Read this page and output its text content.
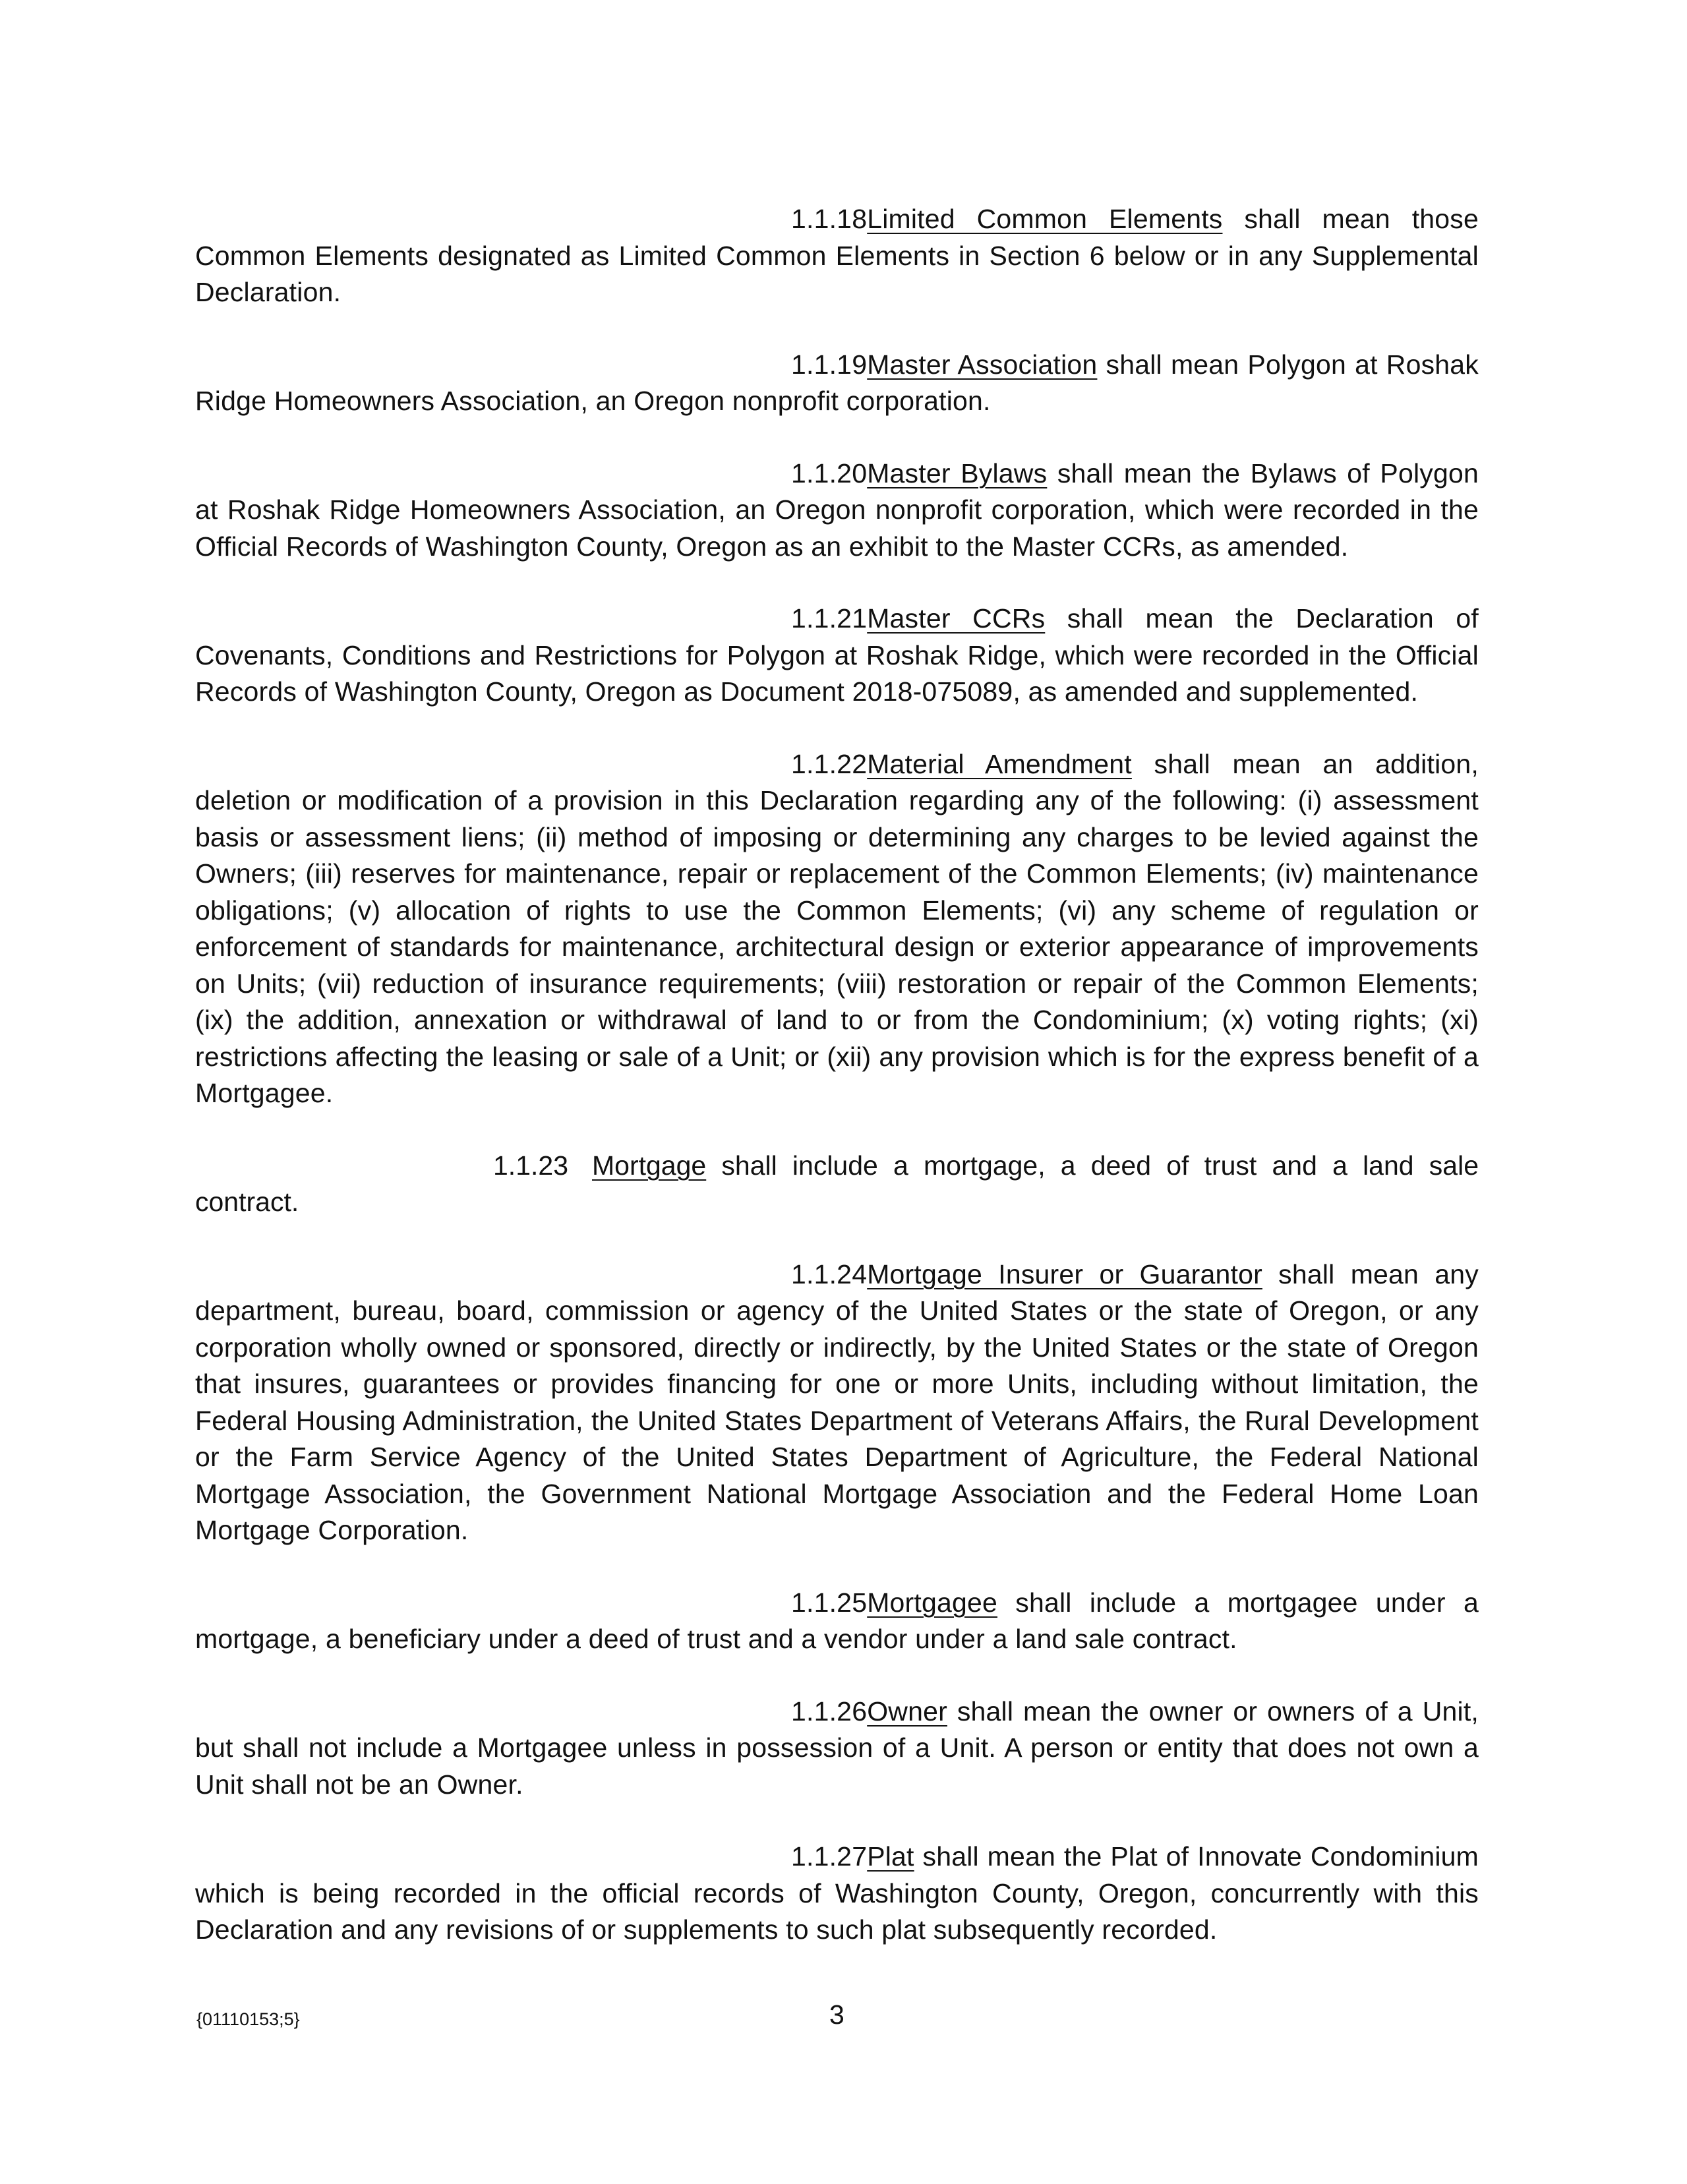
1.1.18Limited Common Elements shall mean those Common Elements designated as Limited Common Elements in Section 6 below or in any Supplemental Declaration.

1.1.19Master Association shall mean Polygon at Roshak Ridge Homeowners Association, an Oregon nonprofit corporation.

1.1.20Master Bylaws shall mean the Bylaws of Polygon at Roshak Ridge Homeowners Association, an Oregon nonprofit corporation, which were recorded in the Official Records of Washington County, Oregon as an exhibit to the Master CCRs, as amended.

1.1.21Master CCRs shall mean the Declaration of Covenants, Conditions and Restrictions for Polygon at Roshak Ridge, which were recorded in the Official Records of Washington County, Oregon as Document 2018-075089, as amended and supplemented.

1.1.22Material Amendment shall mean an addition, deletion or modification of a provision in this Declaration regarding any of the following: (i) assessment basis or assessment liens; (ii) method of imposing or determining any charges to be levied against the Owners; (iii) reserves for maintenance, repair or replacement of the Common Elements; (iv) maintenance obligations; (v) allocation of rights to use the Common Elements; (vi) any scheme of regulation or enforcement of standards for maintenance, architectural design or exterior appearance of improvements on Units; (vii) reduction of insurance requirements; (viii) restoration or repair of the Common Elements; (ix) the addition, annexation or withdrawal of land to or from the Condominium; (x) voting rights; (xi) restrictions affecting the leasing or sale of a Unit; or (xii) any provision which is for the express benefit of a Mortgagee.

1.1.23 Mortgage shall include a mortgage, a deed of trust and a land sale
contract.

1.1.24Mortgage Insurer or Guarantor shall mean any department, bureau, board, commission or agency of the United States or the state of Oregon, or any corporation wholly owned or sponsored, directly or indirectly, by the United States or the state of Oregon that insures, guarantees or provides financing for one or more Units, including without limitation, the Federal Housing Administration, the United States Department of Veterans Affairs, the Rural Development or the Farm Service Agency of the United States Department of Agriculture, the Federal National Mortgage Association, the Government National Mortgage Association and the Federal Home Loan Mortgage Corporation.

1.1.25Mortgagee shall include a mortgagee under a mortgage, a beneficiary under a deed of trust and a vendor under a land sale contract.

1.1.26Owner shall mean the owner or owners of a Unit, but shall not include a Mortgagee unless in possession of a Unit. A person or entity that does not own a Unit shall not be an Owner.

1.1.27Plat shall mean the Plat of Innovate Condominium which is being recorded in the official records of Washington County, Oregon, concurrently with this Declaration and any revisions of or supplements to such plat subsequently recorded.

{01110153;5}	3
